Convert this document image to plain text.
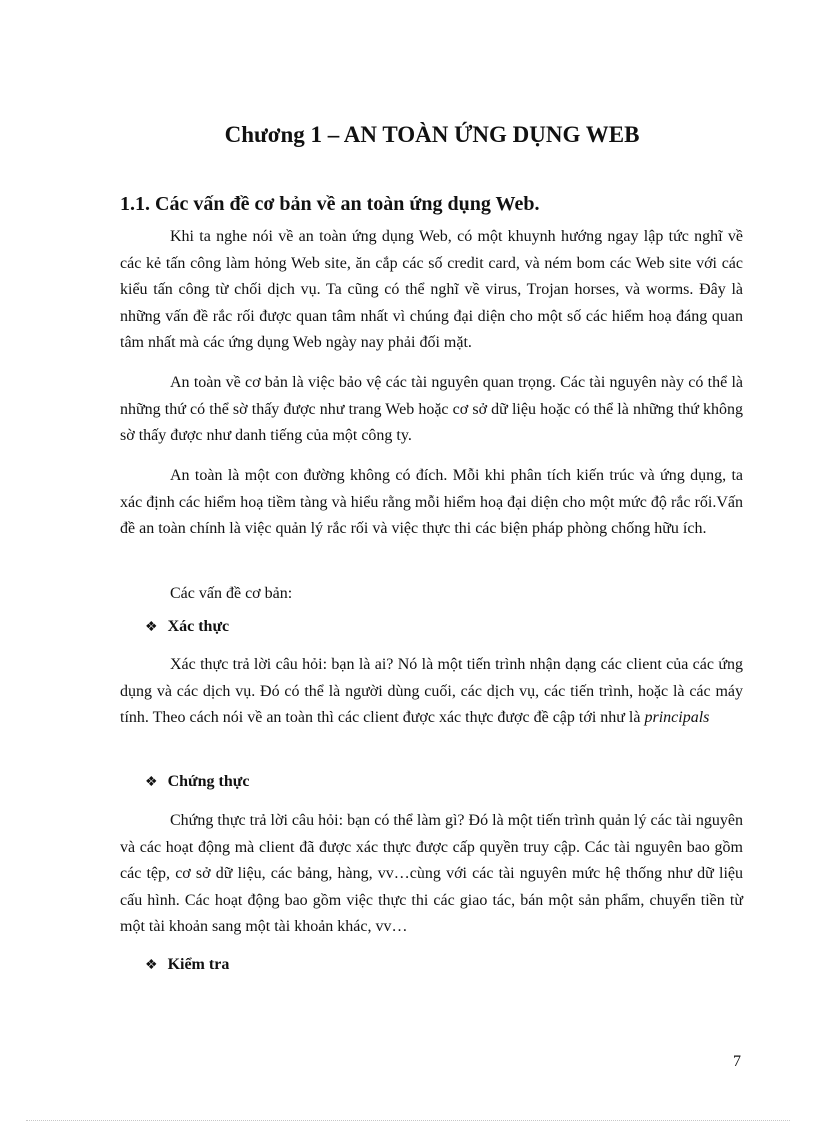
Chương 1 – AN TOÀN ỨNG DỤNG WEB
1.1. Các vấn đề cơ bản về an toàn ứng dụng Web.

Khi ta nghe nói về an toàn ứng dụng Web, có một khuynh hướng ngay lập tức nghĩ về các kẻ tấn công làm hỏng Web site, ăn cắp các số credit card, và ném bom các Web site với các kiểu tấn công từ chối dịch vụ. Ta cũng có thể nghĩ về virus, Trojan horses, và worms. Đây là những vấn đề rắc rối được quan tâm nhất vì chúng đại diện cho một số các hiểm hoạ đáng quan tâm nhất mà các ứng dụng Web ngày nay phải đối mặt.

An toàn về cơ bản là việc bảo vệ các tài nguyên quan trọng. Các tài nguyên này có thể là những thứ có thể sờ thấy được như trang Web hoặc cơ sở dữ liệu hoặc có thể là những thứ không sờ thấy được như danh tiếng của một công ty.

An toàn là một con đường không có đích. Mỗi khi phân tích kiến trúc và ứng dụng, ta xác định các hiểm hoạ tiềm tàng và hiểu rằng mỗi hiểm hoạ đại diện cho một mức độ rắc rối.Vấn đề an toàn chính là việc quản lý rắc rối và việc thực thi các biện pháp phòng chống hữu ích.

Các vấn đề cơ bản:

❖ Xác thực

Xác thực trả lời câu hỏi: bạn là ai? Nó là một tiến trình nhận dạng các client của các ứng dụng và các dịch vụ. Đó có thể là người dùng cuối, các dịch vụ, các tiến trình, hoặc là các máy tính. Theo cách nói về an toàn thì các client được xác thực được đề cập tới như là principals

❖ Chứng thực

Chứng thực trả lời câu hỏi: bạn có thể làm gì? Đó là một tiến trình quản lý các tài nguyên và các hoạt động mà client đã được xác thực được cấp quyền truy cập. Các tài nguyên bao gồm các tệp, cơ sở dữ liệu, các bảng, hàng, vv…cùng với các tài nguyên mức hệ thống như dữ liệu cấu hình. Các hoạt động bao gồm việc thực thi các giao tác, bán một sản phẩm, chuyển tiền từ một tài khoản sang một tài khoản khác, vv…

❖ Kiểm tra

7
